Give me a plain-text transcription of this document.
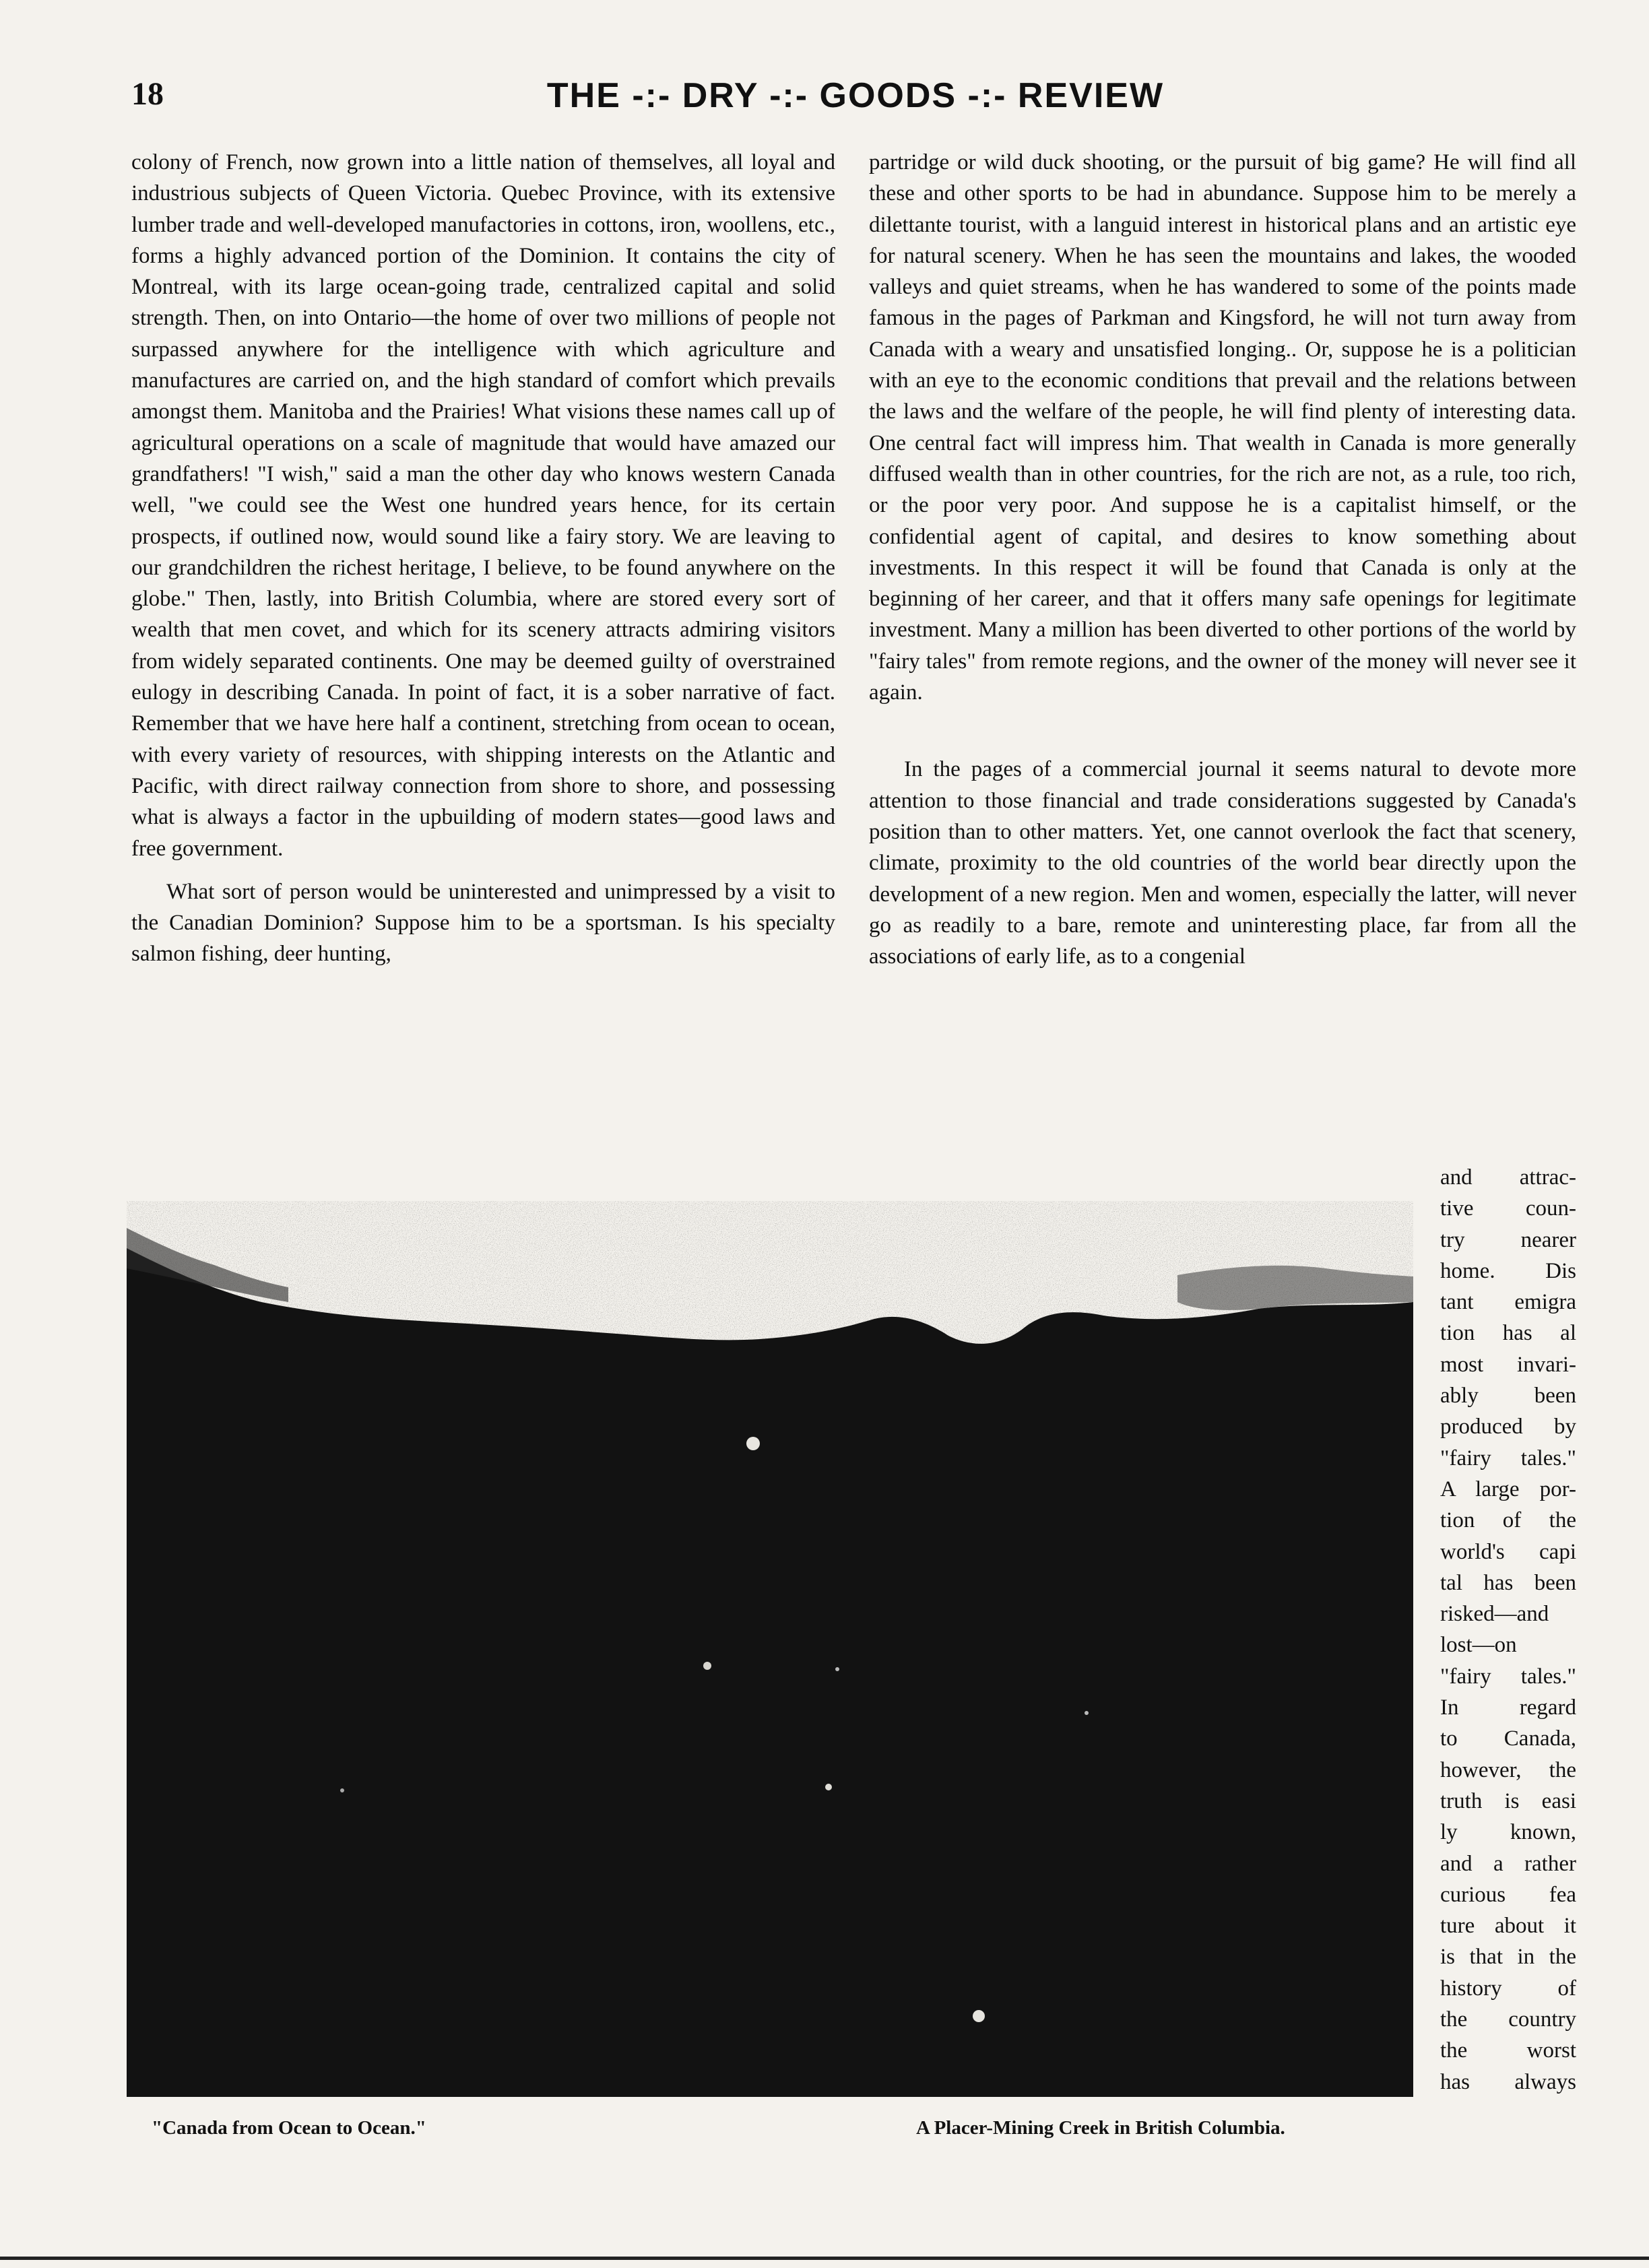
18	THE -:- DRY -:- GOODS -:- REVIEW

colony of French, now grown into a little nation of themselves, all loyal and industrious subjects of Queen Victoria. Quebec Province, with its extensive lumber trade and well-developed manufactories in cottons, iron, woollens, etc., forms a highly advanced portion of the Dominion. It contains the city of Montreal, with its large ocean-going trade, centralized capital and solid strength. Then, on into Ontario—the home of over two millions of people not surpassed anywhere for the intelligence with which agriculture and manufactures are carried on, and the high standard of comfort which prevails amongst them. Manitoba and the Prairies! What visions these names call up of agricultural operations on a scale of magnitude that would have amazed our grandfathers! "I wish," said a man the other day who knows western Canada well, "we could see the West one hundred years hence, for its certain prospects, if outlined now, would sound like a fairy story. We are leaving to our grandchildren the richest heritage, I believe, to be found anywhere on the globe." Then, lastly, into British Columbia, where are stored every sort of wealth that men covet, and which for its scenery attracts admiring visitors from widely separated continents. One may be deemed guilty of overstrained eulogy in describing Canada. In point of fact, it is a sober narrative of fact. Remember that we have here half a continent, stretching from ocean to ocean, with every variety of resources, with shipping interests on the Atlantic and Pacific, with direct railway connection from shore to shore, and possessing what is always a factor in the upbuilding of modern states—good laws and free government.

What sort of person would be uninterested and unimpressed by a visit to the Canadian Dominion? Suppose him to be a sportsman. Is his specialty salmon fishing, deer hunting,

partridge or wild duck shooting, or the pursuit of big game? He will find all these and other sports to be had in abundance. Suppose him to be merely a dilettante tourist, with a languid interest in historical plans and an artistic eye for natural scenery. When he has seen the mountains and lakes, the wooded valleys and quiet streams, when he has wandered to some of the points made famous in the pages of Parkman and Kingsford, he will not turn away from Canada with a weary and unsatisfied longing.. Or, suppose he is a politician with an eye to the economic conditions that prevail and the relations between the laws and the welfare of the people, he will find plenty of interesting data. One central fact will impress him. That wealth in Canada is more generally diffused wealth than in other countries, for the rich are not, as a rule, too rich, or the poor very poor. And suppose he is a capitalist himself, or the confidential agent of capital, and desires to know something about investments. In this respect it will be found that Canada is only at the beginning of her career, and that it offers many safe openings for legitimate investment. Many a million has been diverted to other portions of the world by "fairy tales" from remote regions, and the owner of the money will never see it again.

In the pages of a commercial journal it seems natural to devote more attention to those financial and trade considerations suggested by Canada's position than to other matters. Yet, one cannot overlook the fact that scenery, climate, proximity to the old countries of the world bear directly upon the development of a new region. Men and women, especially the latter, will never go as readily to a bare, remote and uninteresting place, far from all the associations of early life, as to a congenial

and attrac-
tive coun-
try nearer
home. Dis
tant emigra
tion has al
most invari-
ably been
produced by
"fairy tales."
A large por-
tion of the
world's capi
tal has been
risked—and
lost—on
"fairy tales."
In regard
to Canada,
however, the
truth is easi
ly known,
and a rather
curious fea
ture about it
is that in the
history of
the country
the worst
has always
"Canada from Ocean to Ocean."	A Placer-Mining Creek in British Columbia.
